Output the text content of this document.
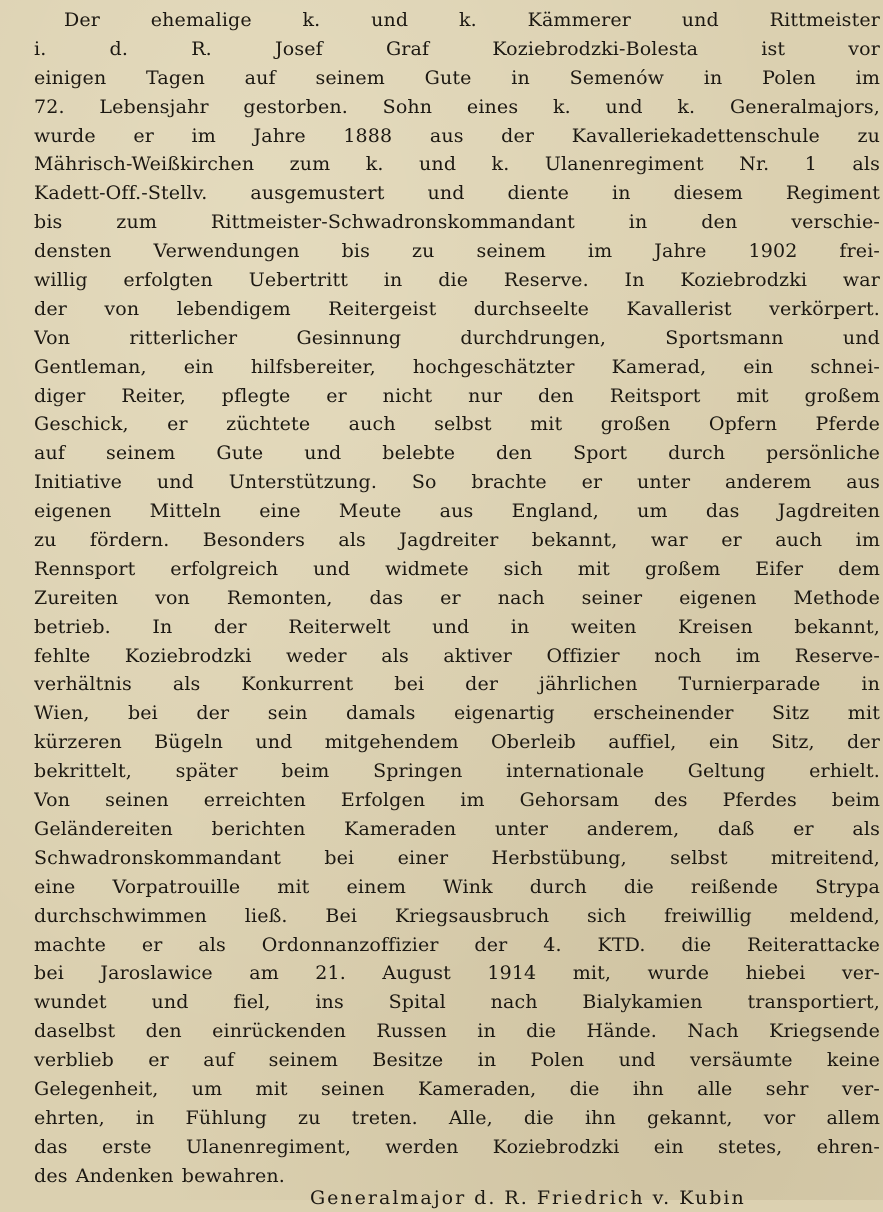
Der ehemalige k. und k. Kämmerer und Rittmeister
i. d. R. Josef Graf Koziebrodzki-Bolesta ist vor
einigen Tagen auf seinem Gute in Semenów in Polen im
72. Lebensjahr gestorben. Sohn eines k. und k. Generalmajors,
wurde er im Jahre 1888 aus der Kavalleriekadettenschule zu
Mährisch-Weißkirchen zum k. und k. Ulanenregiment Nr. 1 als
Kadett-Off.-Stellv. ausgemustert und diente in diesem Regiment
bis zum Rittmeister-Schwadronskommandant in den verschie-
densten Verwendungen bis zu seinem im Jahre 1902 frei-
willig erfolgten Uebertritt in die Reserve. In Koziebrodzki war
der von lebendigem Reitergeist durchseelte Kavallerist verkörpert.
Von ritterlicher Gesinnung durchdrungen, Sportsmann und
Gentleman, ein hilfsbereiter, hochgeschätzter Kamerad, ein schnei-
diger Reiter, pflegte er nicht nur den Reitsport mit großem
Geschick, er züchtete auch selbst mit großen Opfern Pferde
auf seinem Gute und belebte den Sport durch persönliche
Initiative und Unterstützung. So brachte er unter anderem aus
eigenen Mitteln eine Meute aus England, um das Jagdreiten
zu fördern. Besonders als Jagdreiter bekannt, war er auch im
Rennsport erfolgreich und widmete sich mit großem Eifer dem
Zureiten von Remonten, das er nach seiner eigenen Methode
betrieb. In der Reiterwelt und in weiten Kreisen bekannt,
fehlte Koziebrodzki weder als aktiver Offizier noch im Reserve-
verhältnis als Konkurrent bei der jährlichen Turnierparade in
Wien, bei der sein damals eigenartig erscheinender Sitz mit
kürzeren Bügeln und mitgehendem Oberleib auffiel, ein Sitz, der
bekrittelt, später beim Springen internationale Geltung erhielt.
Von seinen erreichten Erfolgen im Gehorsam des Pferdes beim
Geländereiten berichten Kameraden unter anderem, daß er als
Schwadronskommandant bei einer Herbstübung, selbst mitreitend,
eine Vorpatrouille mit einem Wink durch die reißende Strypa
durchschwimmen ließ. Bei Kriegsausbruch sich freiwillig meldend,
machte er als Ordonnanzoffizier der 4. KTD. die Reiterattacke
bei Jaroslawice am 21. August 1914 mit, wurde hiebei ver-
wundet und fiel, ins Spital nach Bialykamien transportiert,
daselbst den einrückenden Russen in die Hände. Nach Kriegsende
verblieb er auf seinem Besitze in Polen und versäumte keine
Gelegenheit, um mit seinen Kameraden, die ihn alle sehr ver-
ehrten, in Fühlung zu treten. Alle, die ihn gekannt, vor allem
das erste Ulanenregiment, werden Koziebrodzki ein stetes, ehren-
des Andenken bewahren.
Generalmajor d. R. Friedrich v. Kubin
